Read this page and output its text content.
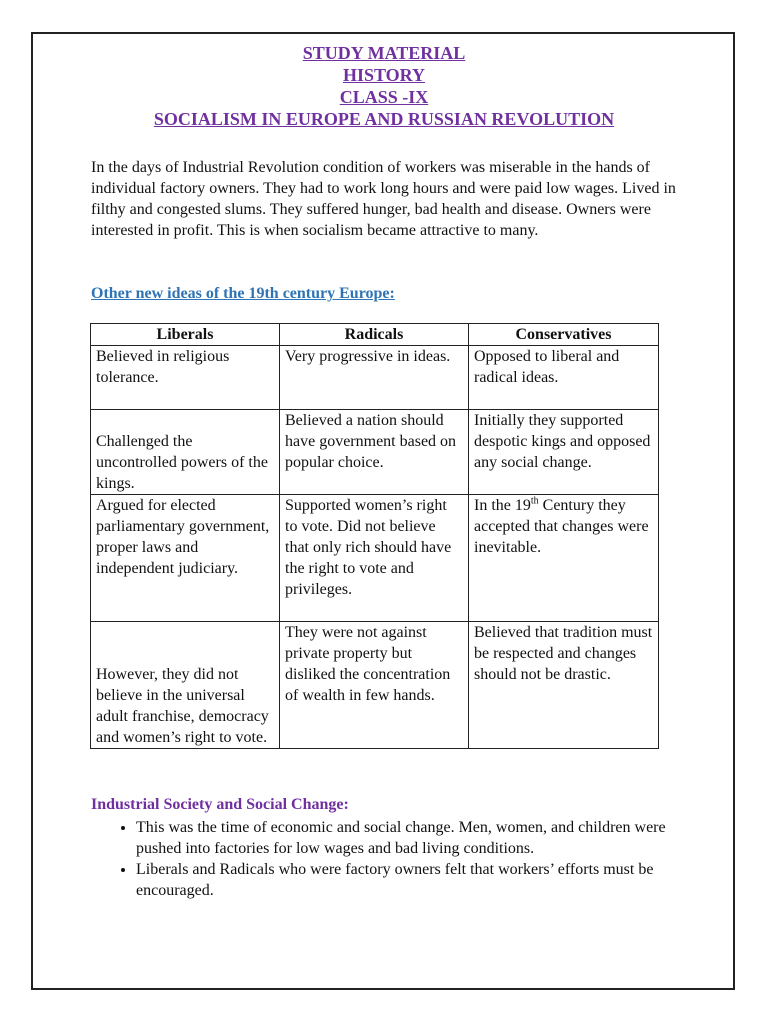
STUDY MATERIAL
HISTORY
CLASS -IX
SOCIALISM IN EUROPE AND RUSSIAN REVOLUTION

In the days of Industrial Revolution condition of workers was miserable in the hands of individual factory owners. They had to work long hours and were paid low wages. Lived in filthy and congested slums. They suffered hunger, bad health and disease. Owners were interested in profit. This is when socialism became attractive to many.

Other new ideas of the 19th century Europe:
Liberals	Radicals	Conservatives
Believed in religious tolerance.	Very progressive in ideas.	Opposed to liberal and radical ideas.
Challenged the uncontrolled powers of the kings.	Believed a nation should have government based on popular choice.	Initially they supported despotic kings and opposed any social change.
Argued for elected parliamentary government, proper laws and independent judiciary.	Supported women’s right to vote. Did not believe that only rich should have the right to vote and privileges.	In the 19th Century they accepted that changes were inevitable.
However, they did not believe in the universal adult franchise, democracy and women’s right to vote.	They were not against private property but disliked the concentration of wealth in few hands.	Believed that tradition must be respected and changes should not be drastic.
Industrial Society and Social Change:
• This was the time of economic and social change. Men, women, and children were pushed into factories for low wages and bad living conditions.
• Liberals and Radicals who were factory owners felt that workers’ efforts must be encouraged.
